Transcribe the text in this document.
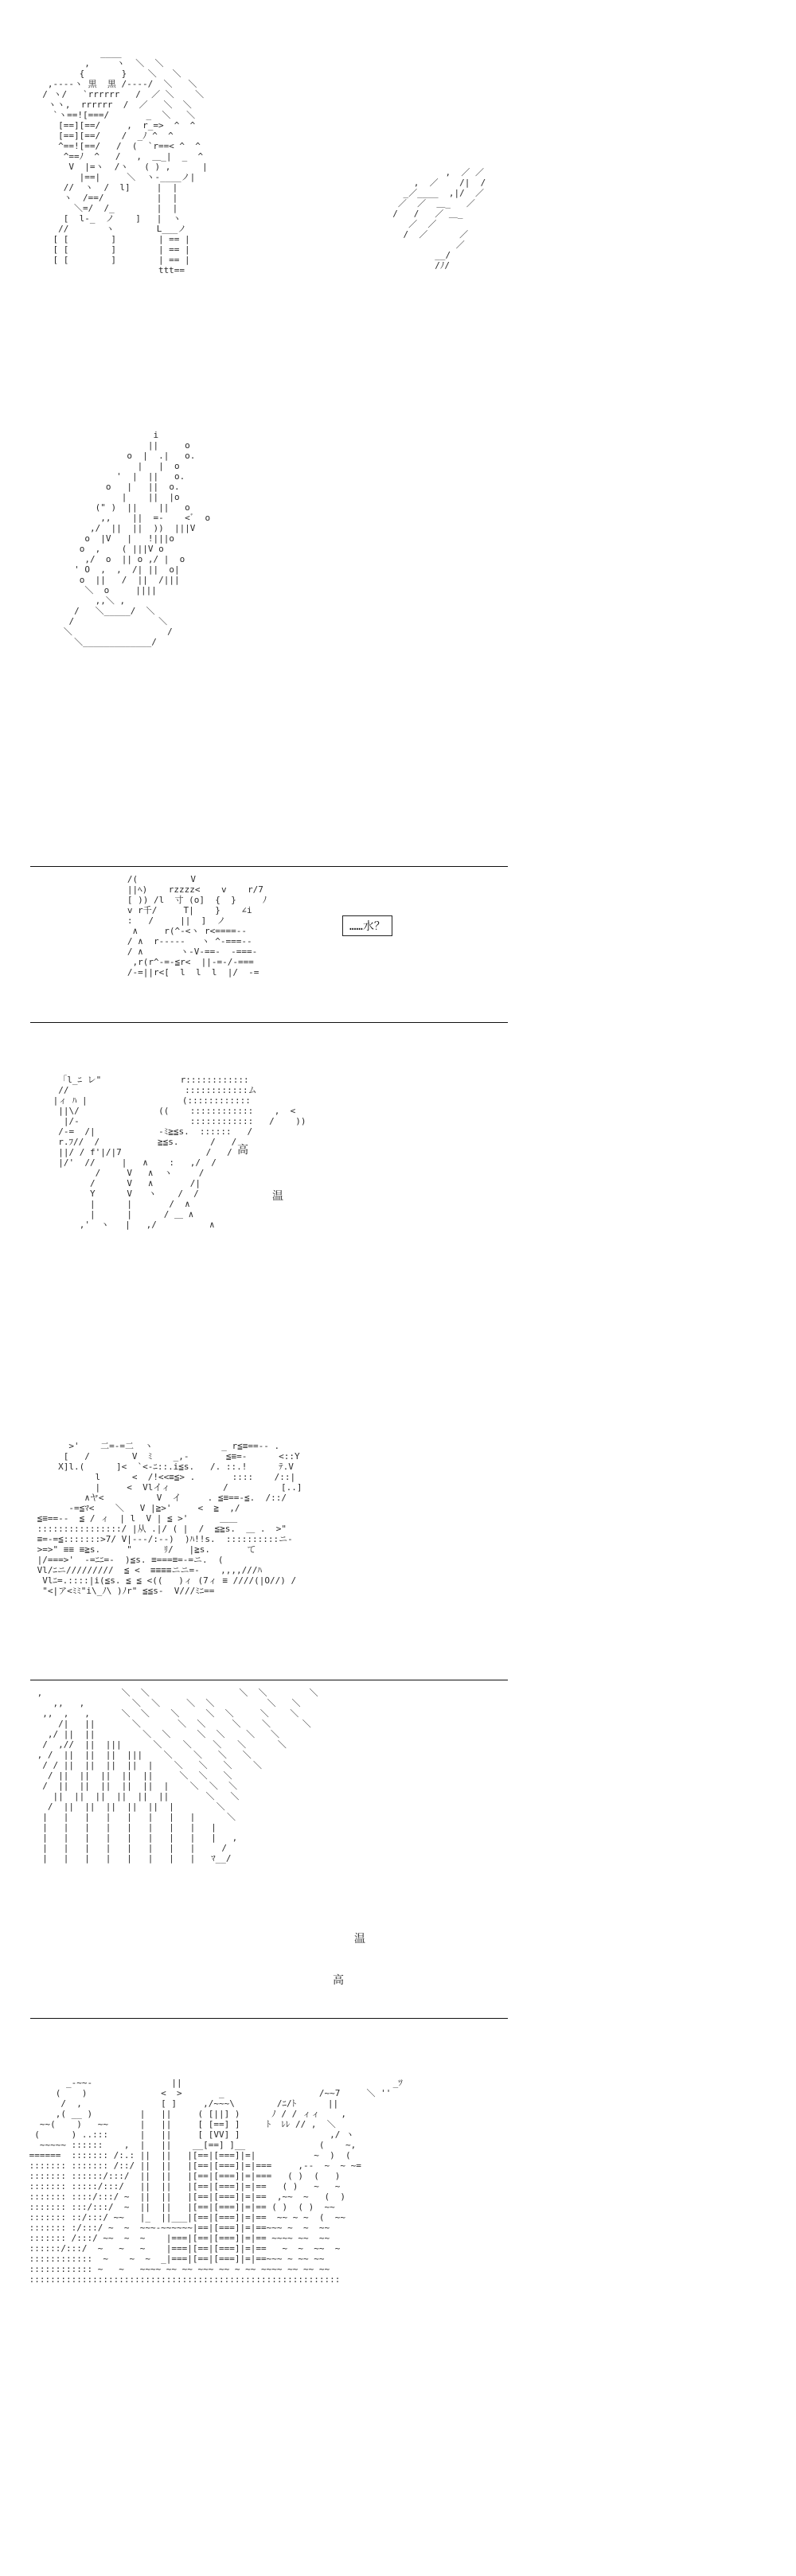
____
,     ヽ  ＼  ＼
{       }    ＼   ＼
,----ヽ 黒  黒 /----/  ＼   ＼
/ ヽ/   `rrrrrr   /  ／ ＼    ＼
ヽヽ,  rrrrrr  /  ／   ＼  ＼
`ヽ==![===/       _  ＼   ＼
[==][==/     ,  r_=>  ^  ^
[==][==/    /  _ﾉ ^  ^
^==![==/   /  (  `r==< ^  ^
^==ﾉ  ^   /   ,  ＿_|  _  ^
V  |=ヽ  /ヽ   ( ) ,      |
|==|     ＼  ヽ-____ノ|
//  ヽ  /  l]     |  |
ヽ  /==/          |  |
＼=/  /_        |  |
[  l-_  ノ    ]   |  ヽ
//       ヽ        L___ノ
[ [        ]        | == |
[ [        ]        | == |
[ [        ]        | == |
ttt==

,  ／ ／
,  ／    /|  /
_／____  ,|/  ／
／  ／  ＿_   ／
/   /   ／ ＿_
／  ／
/  ／      ／
／
__/
/ﾉ/

i
||     o
o  |  .|   o.
|   |  o
'  |  ||   o.
o   |   ||  o.
|    ||  |o
(" )  ||    ||   o
,,    ||  =-    <ﾞ  o
,/  ||  ||  ))  |||V
o  |V   |   !|||o
o  ,    ( |||V o
,/  o  || o ,/ |  o
' O  ,  ,  /| ||  o|
o  ||   /  ||  /|||
＼  o     ||||
,,＼ ,
/   ＼_____/  ＼
/                ＼
＼                  /
＼_____________/

/(          V
||ﾍ)    rzzzz<    v    r/7
[ )) /l  寸 (o]  {  }     ﾉ
v r千/     T|    }    ∠i
:   /     ||  ]  ノ
∧     r(^-<ヽ r<====--
/ ∧  r-----   ヽ ^-===--
/ ∧       ヽ-V-==-  -===-
,r(r^-=-≦r<  ||-=-/-===
/-=||r<[  l  l  l  |/  -=

……水？
「l_ﾆ レ"               r::::::::::::
//                      ::::::::::::ム
|ィ ﾊ |                  (::::::::::::
||\/               ((    ::::::::::::    ,  <
|/-                     ::::::::::::   /    ))
/-=  /|            -ﾐ≧≦s.  ::::::   /
r.ﾌ//  /           ≧≦s.      /   /
||/ / f'|/|7                /   /
|/'  //     |   ∧    :   ,/  /
/     V   ∧  ヽ     /
/      V   ∧       /|
Y      V   ヽ    /  /
|      |       /  ∧
|      |      / ＿ ∧
,'  ヽ   |   ,/          ∧

高
温
>'    二=-=二  ヽ             _ r≦≡==-- .
[   /        V  ﾐ    _,-       ≦≡=-      <::Y
X]l.(      ]<  `<-ﾆ::.i≦s.   /. ::.!      ﾃ.V
l      <  /!<<≡≦> .       ::::    /::|
|     <  Vlイィ          /          [..]
∧ヤ<          V  イ     . ≦≡==-≦.  /::/
-=≦ﾏ<    ＼   V |≧>'     <  ≧  ,/
≦≡==--  ≦ / ィ  | l  V | ≦ >'      ＿＿
::::::::::::::::/ |从 .|/ ( |  /  ≦≧s.  ＿ .  >"
≡=-=≦:::::::>7/ V|---/:--)  )ﾊ!!s.  ::::::::::ニ-
>=>" ≡≡ ≡≧s.     "      ﾘ/   |≧s.       て
|/===>'  -=ﾆﾆ=-  )≦s. ≡===≡=-=ニ.  (
Vl/ﾆニ/////////  ≦ <  ≡≡≡≡ニニ=-    ,,,,///ﾊ
Vlﾆ=.::::|i(≦s. ≦ ≦ <((   )ィ (7ィ ≡ ////(|O//) /
"<|ア<ﾐﾐ"i\_ﾉ\ )ﾉr" ≦≦s-  V///ﾐﾆ==

,               ＼  ＼                 ＼  ＼        ＼
,,   ,         ＼  ＼     ＼  ＼          ＼   ＼
,,  ,   ,      ＼  ＼    ＼     ＼  ＼     ＼    ＼
/|   ||       ＼       ＼  ＼     ＼    ＼      ＼
,/ ||  ||         ＼  ＼     ＼  ＼    ＼   ＼
/  ,//  ||  |||      ＼    ＼    ＼   ＼      ＼
, /  ||  ||  ||  |||    ＼    ＼   ＼   ＼
/ / ||  ||  ||  ||  |    ＼   ＼   ＼    ＼
/ ||  ||  ||  ||  ||     ＼  ＼   ＼
/  ||  ||  ||  ||  ||  |    ＼  ＼  ＼
||  ||  ||  ||  ||  ||       ＼   ＼
/  ||  ||  ||  ||  ||  |        ＼
|   |   |   |   |   |   |   |      ＼
|   |   |   |   |   |   |   |   |
|   |   |   |   |   |   |   |   |   ,
|   |   |   |   |   |   |   |     /
|   |   |   |   |   |   |   |   ﾏ__/

温
高
_-~~-               ||                                        _ﾂ
(    )              <  >       _                  /~~7     ＼ ''
/  ,               [ ]     ,/~~~\        /ﾆ/ﾄ      ||
,( __ )         |   ||     ( [||] )      ﾉ / / ィィ    ,
~~(    )   ~~      |   ||     [ [==] ]     ﾄ  ﾚﾚ // ,  ＼
(      ) ..:::      |   ||     [ [VV] ]                 ,/ ヽ
~~~~~ ::::::    ,  |   ||    __[==] ]__              (    ~,
======  ::::::: /:.: ||  ||   |[==|[===]|=|           ~  )  (
::::::: ::::::: /::/ ||  ||   |[==|[===]|=|===     ,--  ~  ~ ~=
::::::: ::::::/:::/  ||  ||   |[==|[===]|=|===   ( )  (   )
::::::: :::::/:::/   ||  ||   |[==|[===]|=|==   ( )   ~   ~
::::::: ::::/:::/ ~  ||  ||   |[==|[===]|=|==  ,~~  ~   (  )
::::::: :::/:::/  ~  ||  ||   |[==|[===]|=|== ( )  ( )  ~~
::::::: ::/:::/ ~~   |_  ||___|[==|[===]|=|==  ~~ ~ ~  (  ~~
::::::: :/:::/ ~  ~  ~~~-~~~~~~|==|[===]|=|==~~~ ~  ~  ~~
::::::: /:::/ ~~  ~  ~    |===|[==|[===]|=|== ~~~~ ~~  ~~
::::::/:::/  ~   ~   ~    |===|[==|[===]|=|==   ~  ~  ~~  ~
::::::::::::  ~    ~  ~  _|===|[==|[===]|=|==~~~ ~ ~~ ~~
:::::::::::: ~   ~   ~~~~ ~~ ~~ ~~~ ~~ ~ ~~ ~~~~ ~~ ~~ ~~
:::::::::::::::::::::::::::::::::::::::::::::::::::::::::::
